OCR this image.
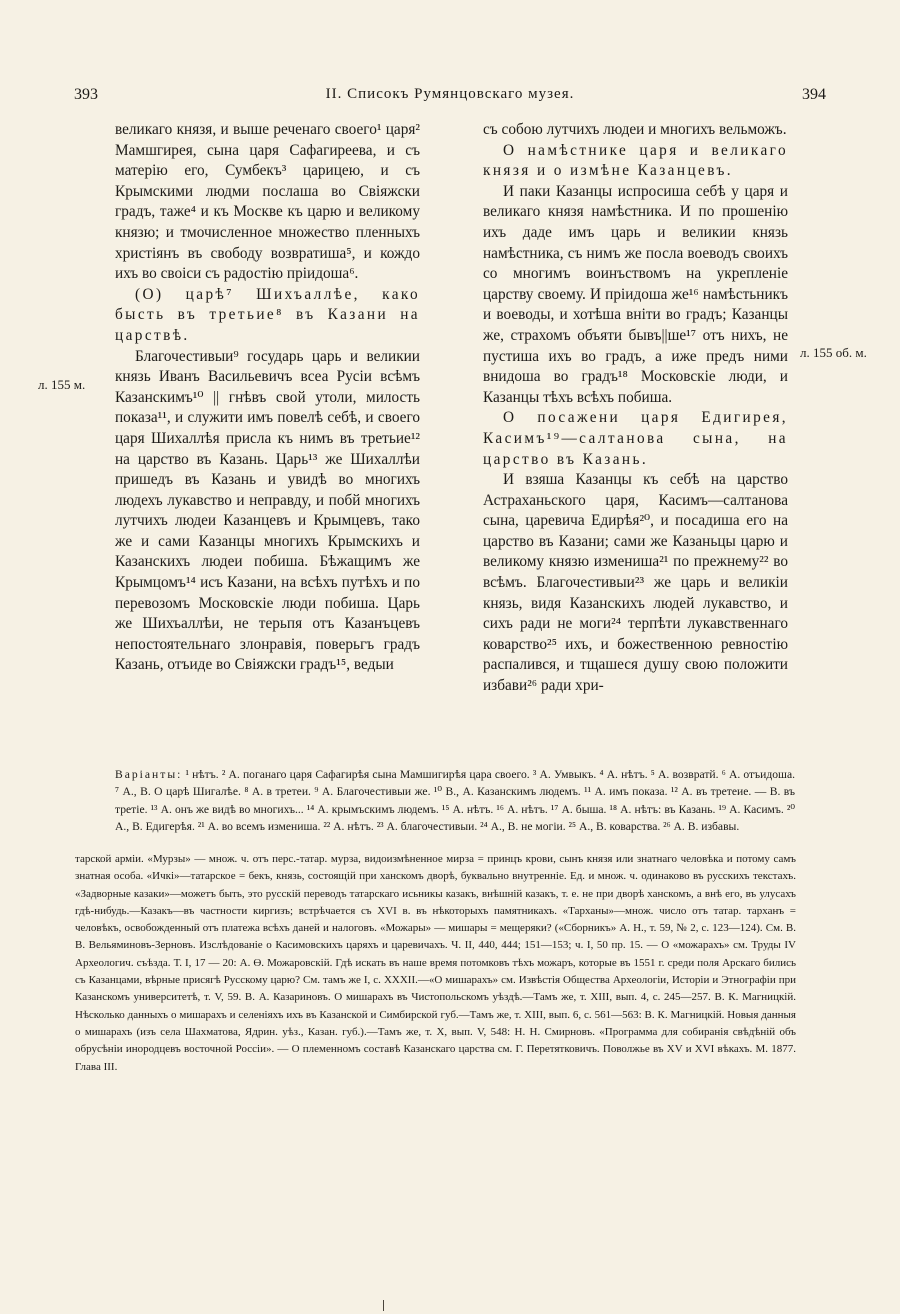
393	II. Списокъ Румянцовскаго музея.	394
л. 155 м.
л. 155 об. м.

великаго князя, и выше реченаго своего¹ царя² Мамшгирея, сына царя Сафагиреева, и съ матерію его, Сумбекъ³ царицею, и съ Крымскими людми послаша во Свіяжски градъ, таже⁴ и къ Москве къ царю и великому князю; и тмочисленное множество пленныхъ христіянъ въ свободу возвратиша⁵, и кождо ихъ во своіси съ радостію пріидоша⁶.

(О) царѣ⁷ Шихъаллѣе, како бысть въ третьие⁸ въ Казани на царствѣ.

Благочестивыи⁹ государь царь и великии князь Иванъ Васильевичъ всеа Русіи всѣмъ Казанскимъ¹⁰ || гнѣвъ свой утоли, милость показа¹¹, и служити имъ повелѣ себѣ, и своего царя Шихаллѣя присла къ нимъ въ третьие¹² на царство въ Казань. Царь¹³ же Шихаллѣи пришедъ въ Казань и увидѣ во многихъ людехъ лукавство и неправду, и побй многихъ лутчихъ людеи Казанцевъ и Крымцевъ, тако же и сами Казанцы многихъ Крымскихъ и Казанскихъ людеи побиша. Бѣжащимъ же Крымцомъ¹⁴ исъ Казани, на всѣхъ путѣхъ и по перевозомъ Московскіе люди побиша. Царь же Шихъаллѣи, не терьпя отъ Казанъцевъ непостоятельнаго злонравія, поверьгъ градъ Казань, отъиде во Свіяжски градъ¹⁵, ведыи

съ собою лутчихъ людеи и многихъ вельможъ.

О намѣстнике царя и великаго князя и о измѣне Казанцевъ.

И паки Казанцы испросиша себѣ у царя и великаго князя намѣстника. И по прошенію ихъ даде имъ царь и великии князь намѣстника, съ нимъ же посла воеводъ своихъ со многимъ воинъствомъ на укрепленіе царству своему. И пріидоша же¹⁶ намѣстьникъ и воеводы, и хотѣша вніти во градъ; Казанцы же, страхомъ объяти бывъ||ше¹⁷ отъ нихъ, не пустиша ихъ во градъ, а иже предъ ними внидоша во градъ¹⁸ Московскіе люди, и Казанцы тѣхъ всѣхъ побиша.

О посажени царя Едигирея, Касимъ¹⁹—салтанова сына, на царство въ Казань.

И взяша Казанцы къ себѣ на царство Астраханьского царя, Касимъ—салтанова сына, царевича Едирѣя²⁰, и посадиша его на царство въ Казани; сами же Казаньцы царю и великому князю измениша²¹ по прежнему²² во всѣмъ. Благочестивыи²³ же царь и великіи князь, видя Казанскихъ людей лукавство, и сихъ ради не моги²⁴ терпѣти лукавственнаго коварство²⁵ ихъ, и божественною ревностію распалився, и тщашеся душу свою положити избави²⁶ ради хри-

Варіанты: ¹ нѣтъ. ² А. поганаго царя Сафагирѣя сына Мамшигирѣя цара своего. ³ А. Умвыкъ. ⁴ А. нѣтъ. ⁵ А. возвратй. ⁶ А. отъидоша. ⁷ А., В. О царѣ Шигалѣе. ⁸ А. в третеи. ⁹ А. Благочестивыи же. ¹⁰ В., А. Казанскимъ людемъ. ¹¹ А. имъ показа. ¹² А. въ третеие. — В. въ третіе. ¹³ А. онъ же видѣ во многихъ... ¹⁴ А. крымъскимъ людемъ. ¹⁵ А. нѣтъ. ¹⁶ А. нѣтъ. ¹⁷ А. быша. ¹⁸ А. нѣтъ: въ Казань. ¹⁹ А. Касимъ. ²⁰ А., В. Едигерѣя. ²¹ А. во всемъ измениша. ²² А. нѣтъ. ²³ А. благочестивыи. ²⁴ А., В. не могіи. ²⁵ А., В. коварства. ²⁶ А. В. избавы.

тарской арміи. «Мурзы» — множ. ч. отъ перс.-татар. мурза, видоизмѣненное мирза = принцъ крови, сынъ князя или знатнаго человѣка и потому самъ знатная особа. «Ичкі»—татарское = бекъ, князь, состоящій при ханскомъ дворѣ, буквально внутренніе. Ед. и множ. ч. одинаково въ русскихъ текстахъ. «Задворные казаки»—можетъ быть, это русскій переводъ татарскаго исьникы казакъ, внѣшній казакъ, т. е. не при дворѣ ханскомъ, а внѣ его, въ улусахъ гдѣ-нибудь.—Казакъ—въ частности киргизъ; встрѣчается съ XVI в. въ нѣкоторыхъ памятникахъ. «Тарханы»—множ. число отъ татар. тарханъ = человѣкъ, освобожденный отъ платежа всѣхъ даней и налоговъ. «Можары» — мишары = мещеряки? («Сборникъ» А. Н., т. 59, № 2, с. 123—124). См. В. В. Вельяминовъ-Зерновъ. Изслѣдованіе о Касимовскихъ царяхъ и царевичахъ. Ч. II, 440, 444; 151—153; ч. I, 50 пр. 15. — О «можарахъ» см. Труды IV Археологич. съѣзда. Т. I, 17 — 20: А. Ө. Можаровскій. Гдѣ искать въ наше время потомковъ тѣхъ можаръ, которые въ 1551 г. среди поля Арскаго бились съ Казанцами, вѣрные присягѣ Русскому царю? См. тамъ же I, с. XXXII.—«О мишарахъ» см. Извѣстія Общества Археологіи, Исторіи и Этнографіи при Казанскомъ университетѣ, т. V, 59. В. А. Казариновъ. О мишарахъ въ Чистопольскомъ уѣздѣ.—Тамъ же, т. XIII, вып. 4, с. 245—257. В. К. Магницкій. Нѣсколько данныхъ о мишарахъ и селеніяхъ ихъ въ Казанской и Симбирской губ.—Тамъ же, т. XIII, вып. 6, с. 561—563: В. К. Магницкій. Новыя данныя о мишарахъ (изъ села Шахматова, Ядрин. уѣз., Казан. губ.).—Тамъ же, т. X, вып. V, 548: Н. Н. Смирновъ. «Программа для собиранія свѣдѣній объ обрусѣніи инородцевъ восточной Россіи». — О племенномъ составѣ Казанскаго царства см. Г. Перетятковичъ. Поволжье въ XV и XVI вѣкахъ. М. 1877. Глава III.
